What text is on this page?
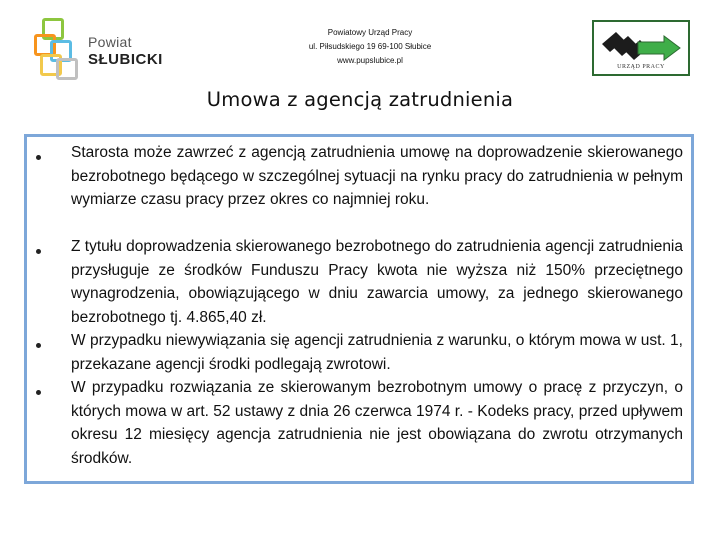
Powiat
SŁUBICKI
Powiatowy Urząd Pracy
ul. Piłsudskiego 19 69-100 Słubice
www.pupslubice.pl
URZĄD PRACY
Umowa z agencją zatrudnienia
Starosta może zawrzeć z agencją zatrudnienia umowę na doprowadzenie skierowanego bezrobotnego będącego w szczególnej sytuacji na rynku pracy do zatrudnienia w pełnym wymiarze czasu pracy przez okres co najmniej roku.
Z tytułu doprowadzenia skierowanego bezrobotnego do zatrudnienia agencji zatrudnienia przysługuje ze środków Funduszu Pracy kwota nie wyższa niż 150% przeciętnego wynagrodzenia, obowiązującego w dniu zawarcia umowy, za jednego skierowanego bezrobotnego tj. 4.865,40 zł.
W przypadku niewywiązania się agencji zatrudnienia z warunku, o którym mowa w ust. 1, przekazane agencji środki podlegają zwrotowi.
W przypadku rozwiązania ze skierowanym bezrobotnym umowy o pracę z przyczyn, o których mowa w art. 52 ustawy z dnia 26 czerwca 1974 r. - Kodeks pracy, przed upływem okresu 12 miesięcy agencja zatrudnienia nie jest obowiązana do zwrotu otrzymanych środków.
